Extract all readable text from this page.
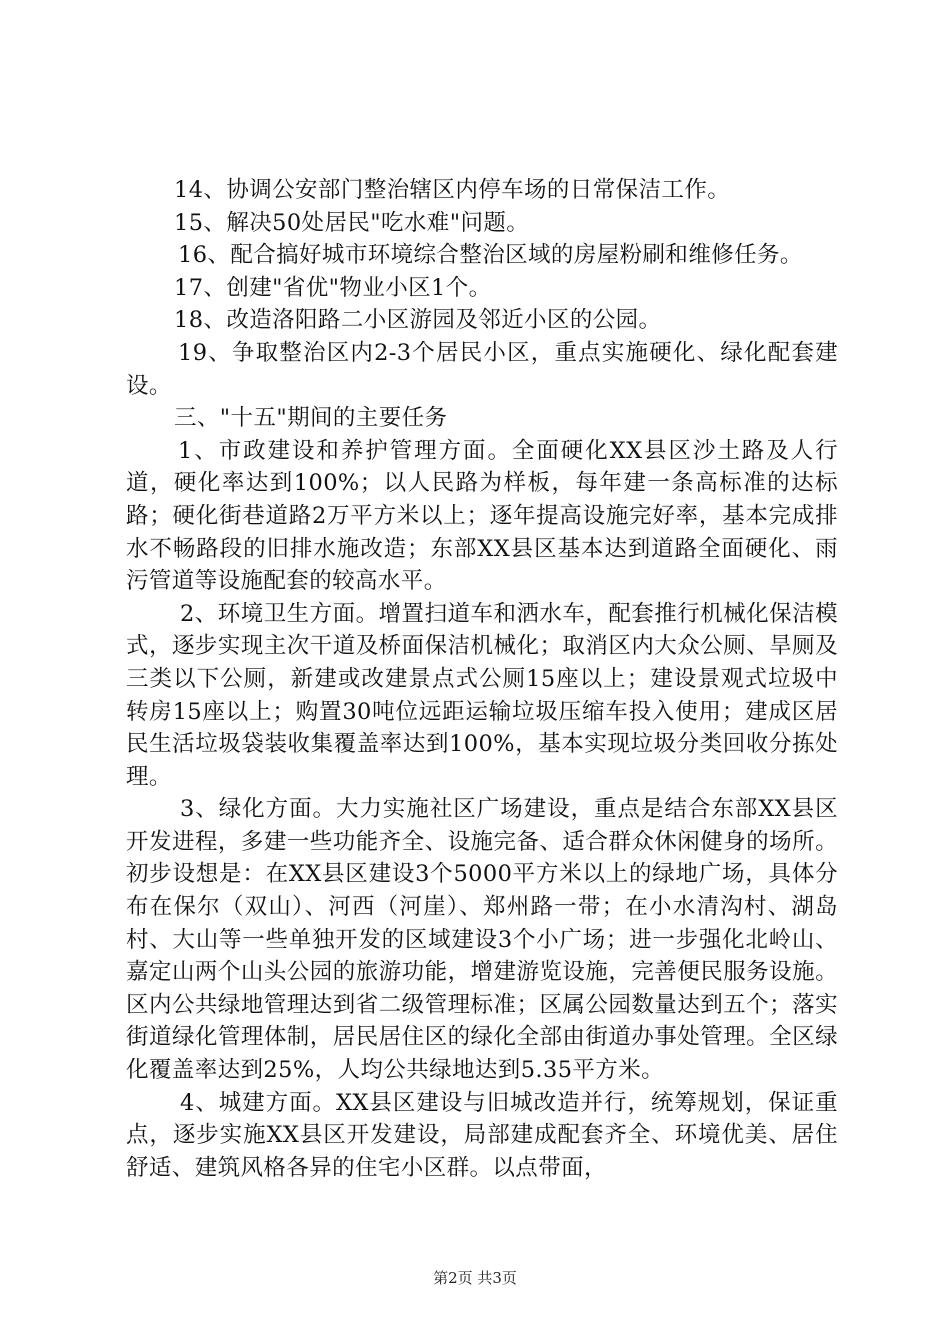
14、协调公安部门整治辖区内停车场的日常保洁工作。

15、解决50处居民"吃水难"问题。

16、配合搞好城市环境综合整治区域的房屋粉刷和维修任务。

17、创建"省优"物业小区1个。

18、改造洛阳路二小区游园及邻近小区的公园。

19、争取整治区内2-3个居民小区，重点实施硬化、绿化配套建设。

三、"十五"期间的主要任务

1、市政建设和养护管理方面。全面硬化XX县区沙土路及人行道，硬化率达到100%；以人民路为样板，每年建一条高标准的达标路；硬化街巷道路2万平方米以上；逐年提高设施完好率，基本完成排水不畅路段的旧排水施改造；东部XX县区基本达到道路全面硬化、雨污管道等设施配套的较高水平。

2、环境卫生方面。增置扫道车和洒水车，配套推行机械化保洁模式，逐步实现主次干道及桥面保洁机械化；取消区内大众公厕、旱厕及三类以下公厕，新建或改建景点式公厕15座以上；建设景观式垃圾中转房15座以上；购置30吨位远距运输垃圾压缩车投入使用；建成区居民生活垃圾袋装收集覆盖率达到100%，基本实现垃圾分类回收分拣处理。

3、绿化方面。大力实施社区广场建设，重点是结合东部XX县区开发进程，多建一些功能齐全、设施完备、适合群众休闲健身的场所。初步设想是：在XX县区建设3个5000平方米以上的绿地广场，具体分布在保尔（双山）、河西（河崖）、郑州路一带；在小水清沟村、湖岛村、大山等一些单独开发的区域建设3个小广场；进一步强化北岭山、嘉定山两个山头公园的旅游功能，增建游览设施，完善便民服务设施。区内公共绿地管理达到省二级管理标准；区属公园数量达到五个；落实街道绿化管理体制，居民居住区的绿化全部由街道办事处管理。全区绿化覆盖率达到25%，人均公共绿地达到5.35平方米。

4、城建方面。XX县区建设与旧城改造并行，统筹规划，保证重点，逐步实施XX县区开发建设，局部建成配套齐全、环境优美、居住舒适、建筑风格各异的住宅小区群。以点带面，

第2页 共3页
